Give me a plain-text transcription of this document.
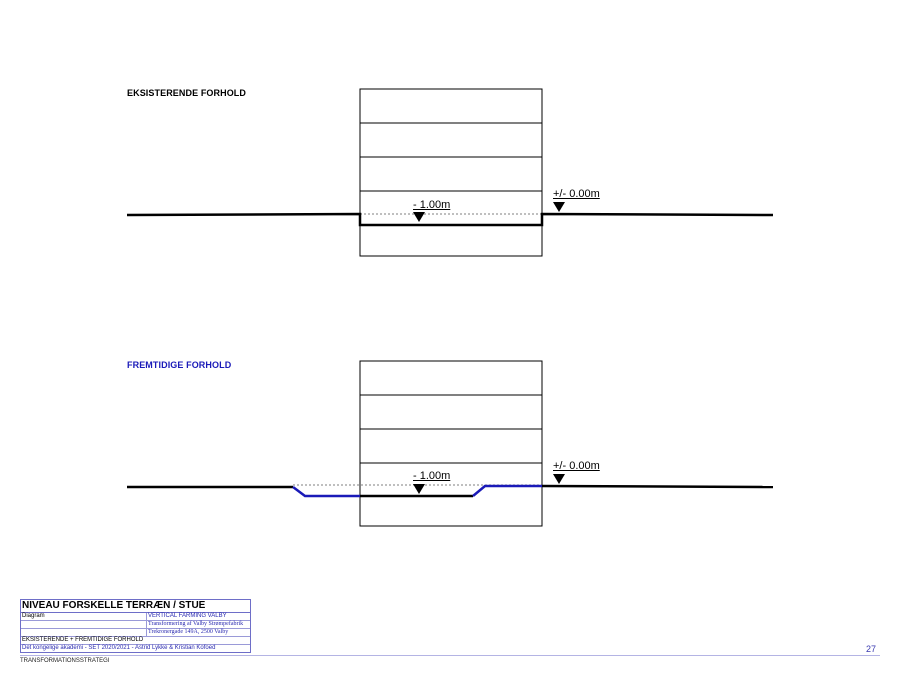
EKSISTERENDE FORHOLD
FREMTIDIGE FORHOLD
- 1.00m
+/- 0.00m
- 1.00m
+/- 0.00m
NIVEAU FORSKELLE TERRÆN / STUE
Diagram	VERTICAL FARMING VALBY
Transformering af Valby Strømpefabrik
Trekronergade 149A, 2500 Valby
EKSISTERENDE + FREMTIDIGE FORHOLD
Det kongelige akademi - SET 2020/2021 - Astrid Lykke & Kristian Kofoed	27
TRANSFORMATIONSSTRATEGI
